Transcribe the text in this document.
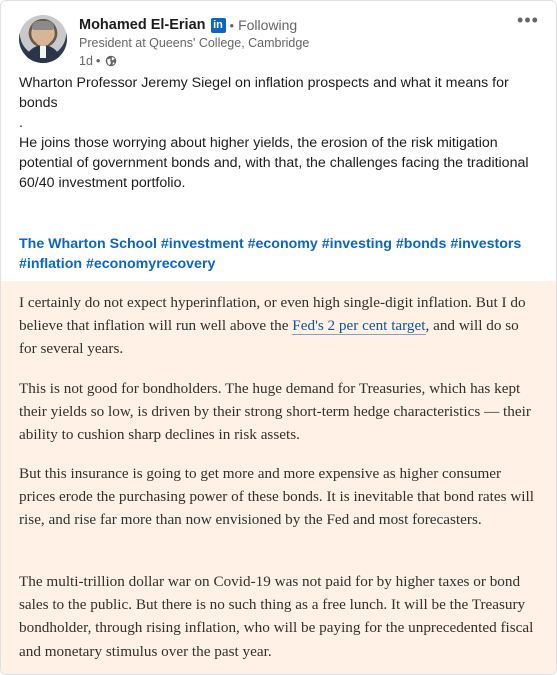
Mohamed El-Erian in • Following
President at Queens' College, Cambridge
1d •
•••

Wharton Professor Jeremy Siegel on inflation prospects and what it means for bonds

.

He joins those worrying about higher yields, the erosion of the risk mitigation potential of government bonds and, with that, the challenges facing the traditional 60/40 investment portfolio.

The Wharton School #investment #economy #investing #bonds #investors #inflation #economyrecovery

I certainly do not expect hyperinflation, or even high single-digit inflation. But I do believe that inflation will run well above the Fed's 2 per cent target, and will do so for several years.

This is not good for bondholders. The huge demand for Treasuries, which has kept their yields so low, is driven by their strong short-term hedge characteristics — their ability to cushion sharp declines in risk assets.

But this insurance is going to get more and more expensive as higher consumer prices erode the purchasing power of these bonds. It is inevitable that bond rates will rise, and rise far more than now envisioned by the Fed and most forecasters.

The multi-trillion dollar war on Covid-19 was not paid for by higher taxes or bond sales to the public. But there is no such thing as a free lunch. It will be the Treasury bondholder, through rising inflation, who will be paying for the unprecedented fiscal and monetary stimulus over the past year.
